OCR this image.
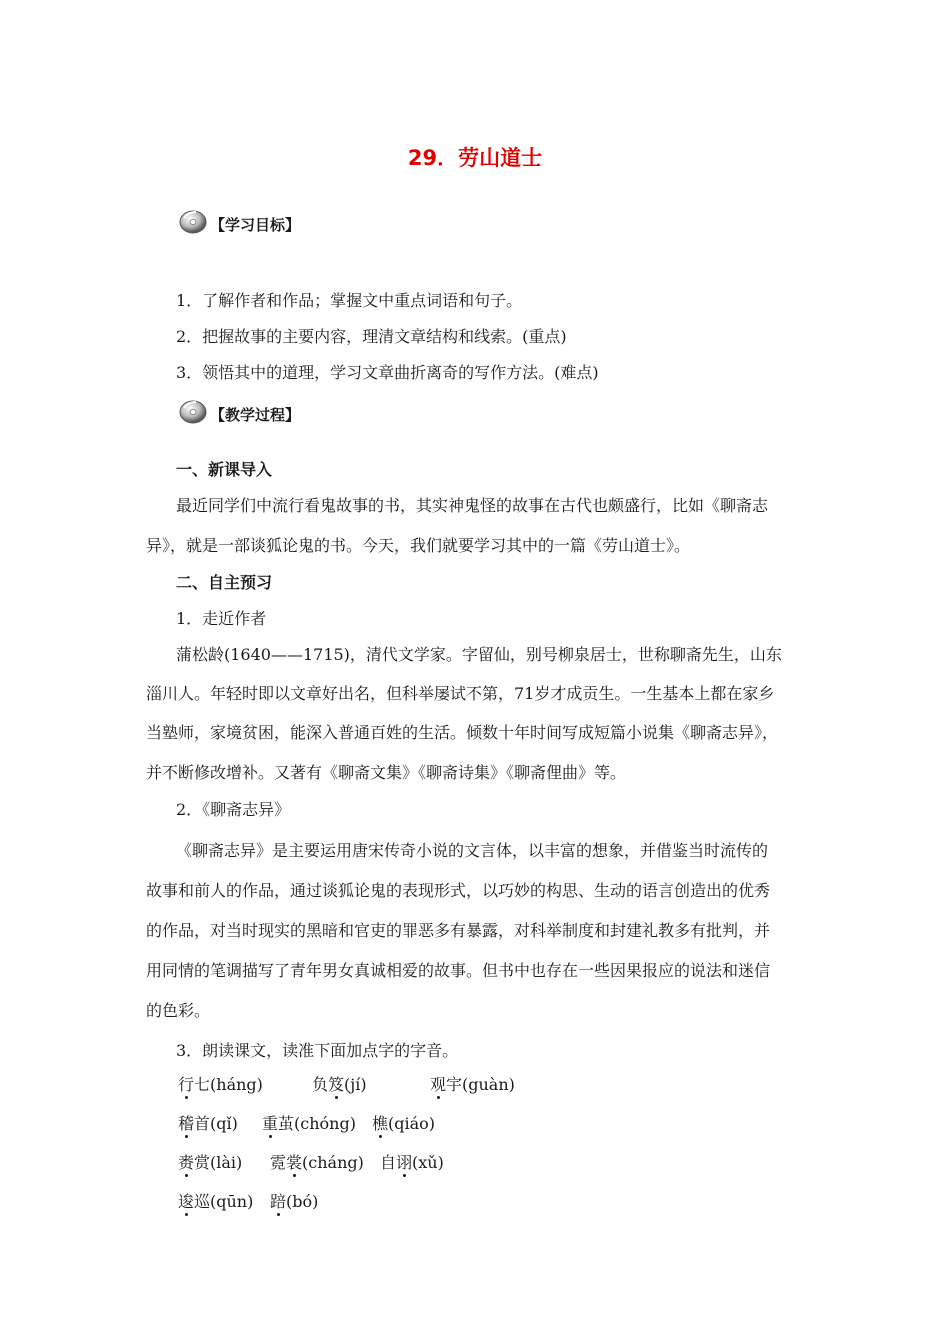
29．劳山道士
【学习目标】
1．了解作者和作品；掌握文中重点词语和句子。
2．把握故事的主要内容，理清文章结构和线索。(重点)
3．领悟其中的道理，学习文章曲折离奇的写作方法。(难点)
【教学过程】
一、新课导入
最近同学们中流行看鬼故事的书，其实神鬼怪的故事在古代也颇盛行，比如《聊斋志
异》，就是一部谈狐论鬼的书。今天，我们就要学习其中的一篇《劳山道士》。
二、自主预习
1．走近作者
蒲松龄(1640——1715)，清代文学家。字留仙，别号柳泉居士，世称聊斋先生，山东
淄川人。年轻时即以文章好出名，但科举屡试不第，71岁才成贡生。一生基本上都在家乡
当塾师，家境贫困，能深入普通百姓的生活。倾数十年时间写成短篇小说集《聊斋志异》，
并不断修改增补。又著有《聊斋文集》《聊斋诗集》《聊斋俚曲》等。
2．《聊斋志异》
《聊斋志异》是主要运用唐宋传奇小说的文言体，以丰富的想象，并借鉴当时流传的
故事和前人的作品，通过谈狐论鬼的表现形式，以巧妙的构思、生动的语言创造出的优秀
的作品，对当时现实的黑暗和官吏的罪恶多有暴露，对科举制度和封建礼教多有批判，并
用同情的笔调描写了青年男女真诚相爱的故事。但书中也存在一些因果报应的说法和迷信
的色彩。
3．朗读课文，读准下面加点字的字音。
行七(háng)	负笈(jí)	观宇(guàn)
稽首(qǐ) 重茧(chóng) 樵(qiáo)
赉赏(lài) 霓裳(cháng) 自诩(xǔ)
逡巡(qūn) 踣(bó)
